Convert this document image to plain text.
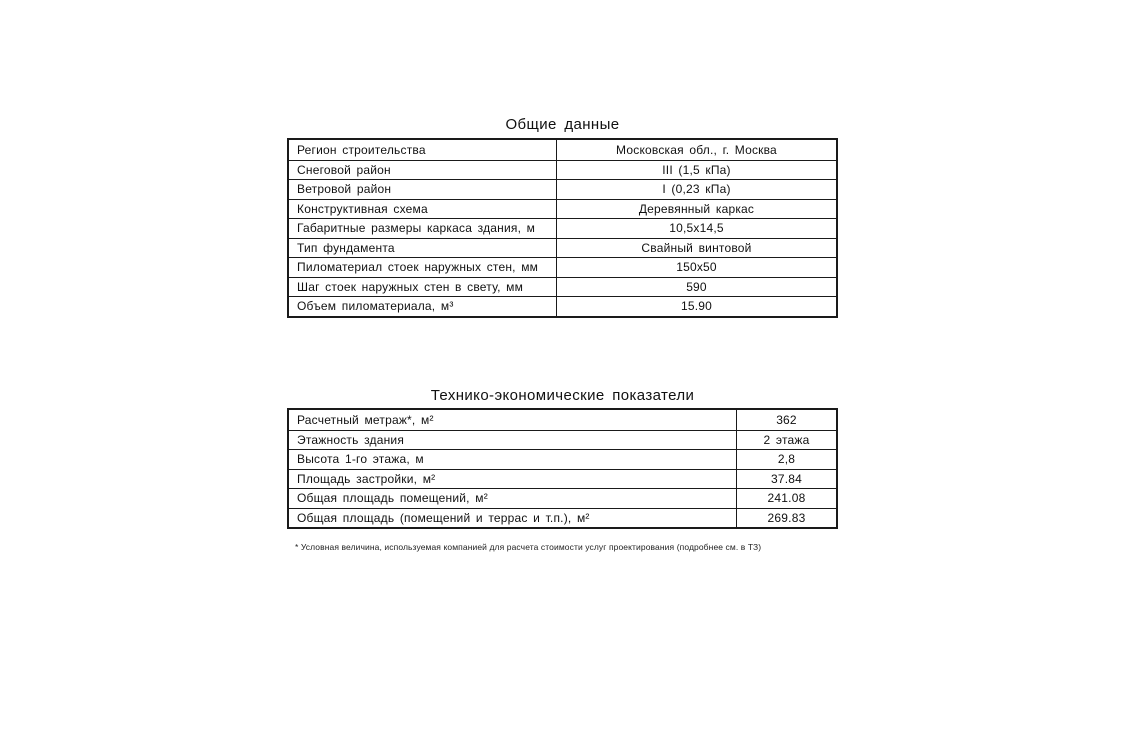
Общие данные
Регион строительства	Московская обл., г. Москва
Снеговой район	III (1,5 кПа)
Ветровой район	I (0,23 кПа)
Конструктивная схема	Деревянный каркас
Габаритные размеры каркаса здания, м	10,5x14,5
Тип фундамента	Свайный винтовой
Пиломатериал стоек наружных стен, мм	150x50
Шаг стоек наружных стен в свету, мм	590
Объем пиломатериала, м³	15.90
Технико-экономические показатели
Расчетный метраж*, м²	362
Этажность здания	2 этажа
Высота 1-го этажа, м	2,8
Площадь застройки, м²	37.84
Общая площадь помещений, м²	241.08
Общая площадь (помещений и террас и т.п.), м²	269.83
* Условная величина, используемая компанией для расчета стоимости услуг проектирования (подробнее см. в ТЗ)
